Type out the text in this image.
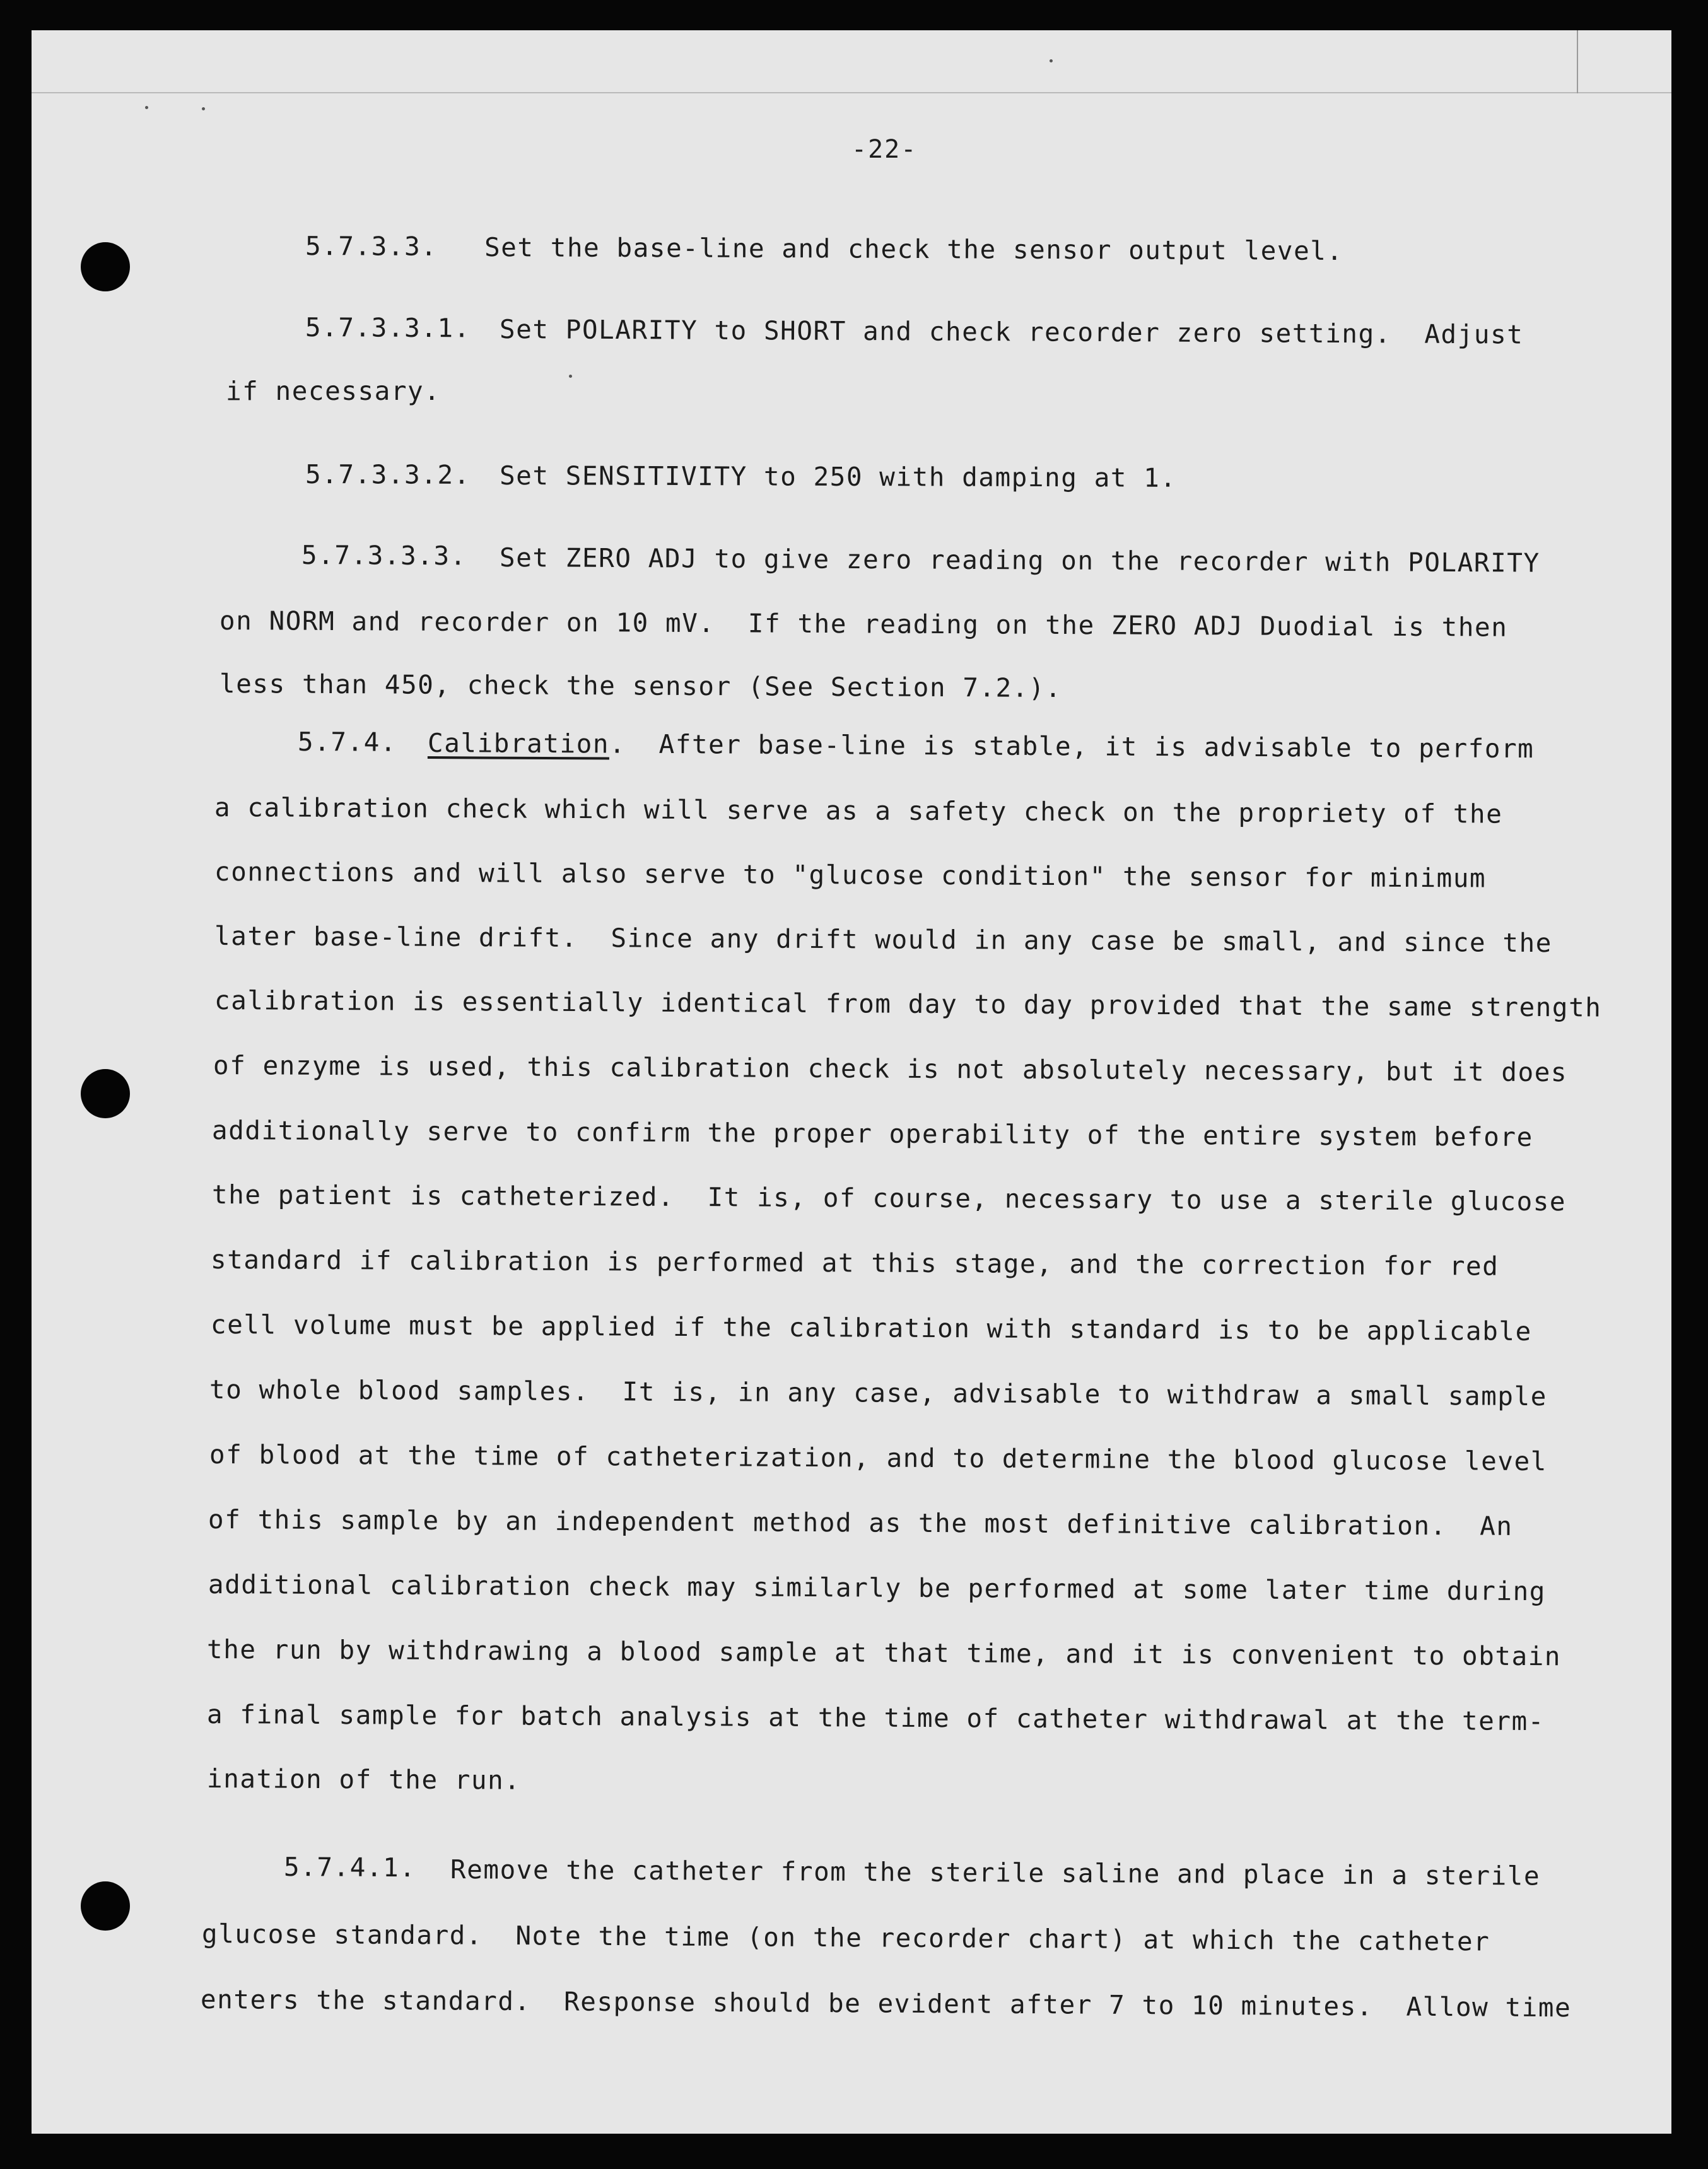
-22-
5.7.3.3. Set the base-line and check the sensor output level.
5.7.3.3.1. Set POLARITY to SHORT and check recorder zero setting.  Adjust
if necessary.
5.7.3.3.2. Set SENSITIVITY to 250 with damping at 1.
5.7.3.3.3. Set ZERO ADJ to give zero reading on the recorder with POLARITY
on NORM and recorder on 10 mV.  If the reading on the ZERO ADJ Duodial is then
less than 450, check the sensor (See Section 7.2.).
5.7.4. Calibration.  After base-line is stable, it is advisable to perform
a calibration check which will serve as a safety check on the propriety of the
connections and will also serve to "glucose condition" the sensor for minimum
later base-line drift.  Since any drift would in any case be small, and since the
calibration is essentially identical from day to day provided that the same strength
of enzyme is used, this calibration check is not absolutely necessary, but it does
additionally serve to confirm the proper operability of the entire system before
the patient is catheterized.  It is, of course, necessary to use a sterile glucose
standard if calibration is performed at this stage, and the correction for red
cell volume must be applied if the calibration with standard is to be applicable
to whole blood samples.  It is, in any case, advisable to withdraw a small sample
of blood at the time of catheterization, and to determine the blood glucose level
of this sample by an independent method as the most definitive calibration.  An
additional calibration check may similarly be performed at some later time during
the run by withdrawing a blood sample at that time, and it is convenient to obtain
a final sample for batch analysis at the time of catheter withdrawal at the term-
ination of the run.
5.7.4.1. Remove the catheter from the sterile saline and place in a sterile
glucose standard.  Note the time (on the recorder chart) at which the catheter
enters the standard.  Response should be evident after 7 to 10 minutes.  Allow time
